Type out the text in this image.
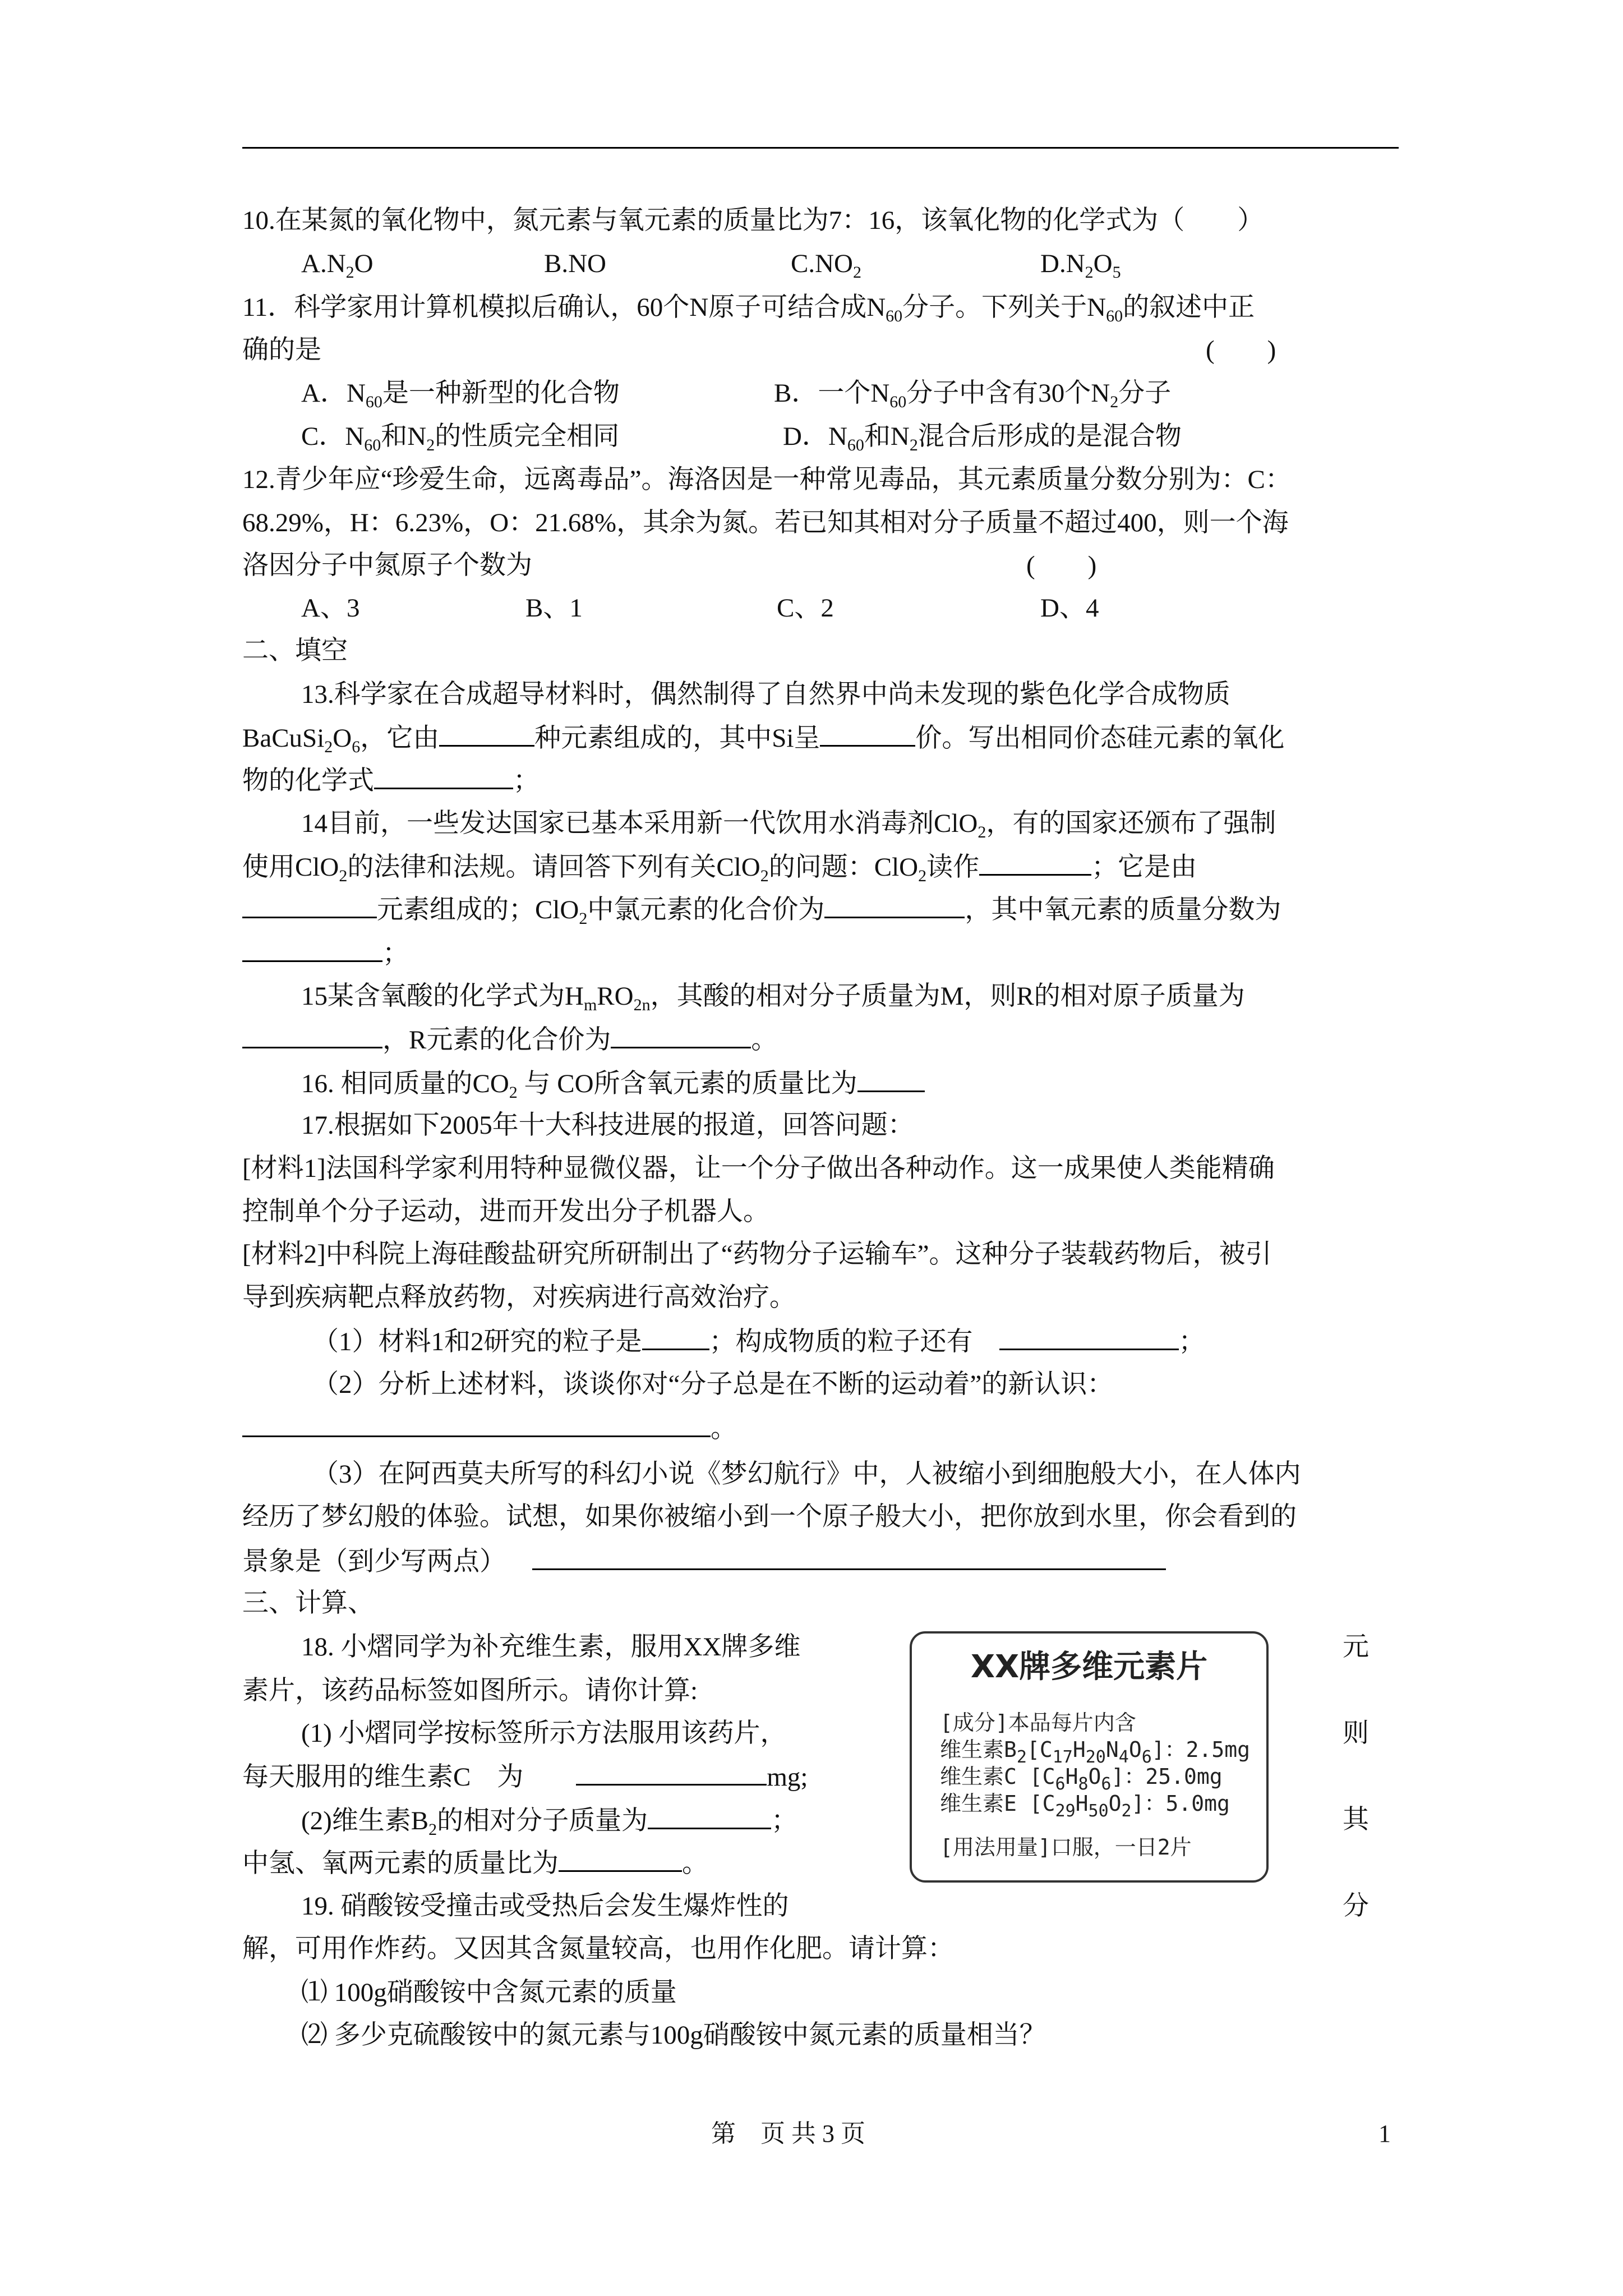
10.在某氮的氧化物中，氮元素与氧元素的质量比为7：16，该氧化物的化学式为（　　）
$A.N_2O$	B.NO	$C.NO_2$	$D.N_2O_5$
11．科学家用计算机模拟后确认，60个N原子可结合成$N_{60}$分子。下列关于$N_{60}$的叙述中正
确的是	(　　)
A．$N_{60}$是一种新型的化合物	B．一个$N_{60}$分子中含有30个$N_2$分子
C．$N_{60}$和$N_2$的性质完全相同	D．$N_{60}$和$N_2$混合后形成的是混合物
12.青少年应“珍爱生命，远离毒品”。海洛因是一种常见毒品，其元素质量分数分别为：C：
68.29%，H：6.23%，O：21.68%，其余为氮。若已知其相对分子质量不超过400，则一个海
洛因分子中氮原子个数为	(　　)
A、3	B、1	C、2	D、4
二、填空
13.科学家在合成超导材料时，偶然制得了自然界中尚未发现的紫色化学合成物质
$BaCuSi_2O_6$，它由	种元素组成的，其中Si呈	价。写出相同价态硅元素的氧化
物的化学式	；
14目前，一些发达国家已基本采用新一代饮用水消毒剂ClO$_2$，有的国家还颁布了强制
使用ClO$_2$的法律和法规。请回答下列有关ClO$_2$的问题：ClO$_2$读作	；它是由
元素组成的；ClO$_2$中氯元素的化合价为	，其中氧元素的质量分数为
；
15某含氧酸的化学式为$H_mRO_{2n}$，其酸的相对分子质量为M，则R的相对原子质量为
，R元素的化合价为	。
16. 相同质量的$CO_2$ 与 CO所含氧元素的质量比为
17.根据如下2005年十大科技进展的报道，回答问题：
[材料1]法国科学家利用特种显微仪器，让一个分子做出各种动作。这一成果使人类能精确
控制单个分子运动，进而开发出分子机器人。
[材料2]中科院上海硅酸盐研究所研制出了“药物分子运输车”。这种分子装载药物后，被引
导到疾病靶点释放药物，对疾病进行高效治疗。
（1）材料1和2研究的粒子是	；构成物质的粒子还有 	；
（2）分析上述材料，谈谈你对“分子总是在不断的运动着”的新认识：
。
（3）在阿西莫夫所写的科幻小说《梦幻航行》中，人被缩小到细胞般大小，在人体内
经历了梦幻般的体验。试想，如果你被缩小到一个原子般大小，把你放到水里，你会看到的
景象是（到少写两点） 
三、计算、
18. 小熠同学为补充维生素，服用XX牌多维	元
素片，该药品标签如图所示。请你计算:
(1) 小熠同学按标签所示方法服用该药片，	则
每天服用的维生素C　为  	mg;
(2)维生素$B_2$的相对分子质量为	；	其
中氢、氧两元素的质量比为	。
XX牌多维元素片
[成分]本品每片内含
维生素$B_2[C_{17}H_{20}N_4O_6]$：2.5mg
维生素C $[C_6H_8O_6]$：25.0mg
维生素E $[C_{29}H_{50}O_2]$：5.0mg
[用法用量]口服，一日2片
19. 硝酸铵受撞击或受热后会发生爆炸性的	分
解，可用作炸药。又因其含氮量较高，也用作化肥。请计算：
⑴ 100g硝酸铵中含氮元素的质量
⑵ 多少克硫酸铵中的氮元素与100g硝酸铵中氮元素的质量相当？
第　页 共 3 页	1
